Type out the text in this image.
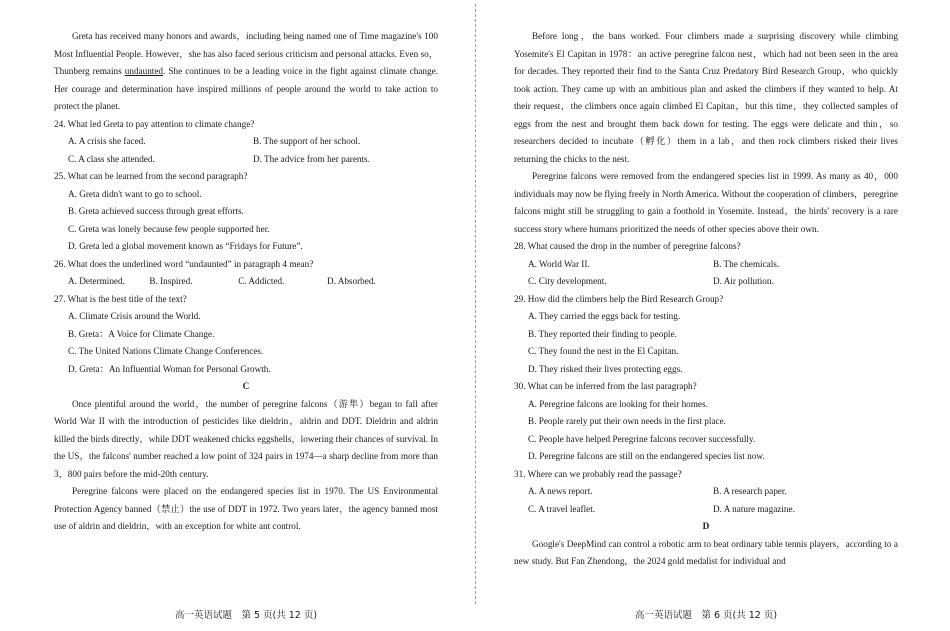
Greta has received many honors and awards，including being named one of Time magazine's 100 Most Influential People. However，she has also faced serious criticism and personal attacks. Even so，Thunberg remains undaunted. She continues to be a leading voice in the fight against climate change. Her courage and determination have inspired millions of people around the world to take action to protect the planet.

24. What led Greta to pay attention to climate change?

A. A crisis she faced.	B. The support of her school.
C. A class she attended.	D. The advice from her parents.

25. What can be learned from the second paragraph?

A. Greta didn't want to go to school.

B. Greta achieved success through great efforts.

C. Greta was lonely because few people supported her.

D. Greta led a global movement known as “Fridays for Future”.

26. What does the underlined word “undaunted” in paragraph 4 mean?

A. Determined.	B. Inspired.	C. Addicted.	D. Absorbed.

27. What is the best title of the text?

A. Climate Crisis around the World.

B. Greta：A Voice for Climate Change.

C. The United Nations Climate Change Conferences.

D. Greta：An Influential Woman for Personal Growth.

C

Once plentiful around the world，the number of peregrine falcons（游隼）began to fall after World War II with the introduction of pesticides like dieldrin，aldrin and DDT. Dieldrin and aldrin killed the birds directly，while DDT weakened chicks eggshells，lowering their chances of survival. In the US，the falcons' number reached a low point of 324 pairs in 1974—a sharp decline from more than 3，800 pairs before the mid-20th century.

Peregrine falcons were placed on the endangered species list in 1970. The US Environmental Protection Agency banned（禁止）the use of DDT in 1972. Two years later，the agency banned most use of aldrin and dieldrin，with an exception for white ant control.

高一英语试题　第 5 页(共 12 页)

Before long，the bans worked. Four climbers made a surprising discovery while climbing Yosemite's El Capitan in 1978：an active peregrine falcon nest，which had not been seen in the area for decades. They reported their find to the Santa Cruz Predatory Bird Research Group，who quickly took action. They came up with an ambitious plan and asked the climbers if they wanted to help. At their request，the climbers once again climbed El Capitan，but this time，they collected samples of eggs from the nest and brought them back down for testing. The eggs were delicate and thin，so researchers decided to incubate（孵化）them in a lab，and then rock climbers risked their lives returning the chicks to the nest.

Peregrine falcons were removed from the endangered species list in 1999. As many as 40，000 individuals may now be flying freely in North America. Without the cooperation of climbers，peregrine falcons might still be struggling to gain a foothold in Yosemite. Instead，the birds' recovery is a rare success story where humans prioritized the needs of other species above their own.

28. What caused the drop in the number of peregrine falcons?

A. World War II.	B. The chemicals.
C. City development.	D. Air pollution.

29. How did the climbers help the Bird Research Group?

A. They carried the eggs back for testing.

B. They reported their finding to people.

C. They found the nest in the El Capitan.

D. They risked their lives protecting eggs.

30. What can be inferred from the last paragraph?

A. Peregrine falcons are looking for their homes.

B. People rarely put their own needs in the first place.

C. People have helped Peregrine falcons recover successfully.

D. Peregrine falcons are still on the endangered species list now.

31. Where can we probably read the passage?

A. A news report.	B. A research paper.
C. A travel leaflet.	D. A nature magazine.

D

Google's DeepMind can control a robotic arm to beat ordinary table tennis players，according to a new study. But Fan Zhendong，the 2024 gold medalist for individual and

高一英语试题　第 6 页(共 12 页)
